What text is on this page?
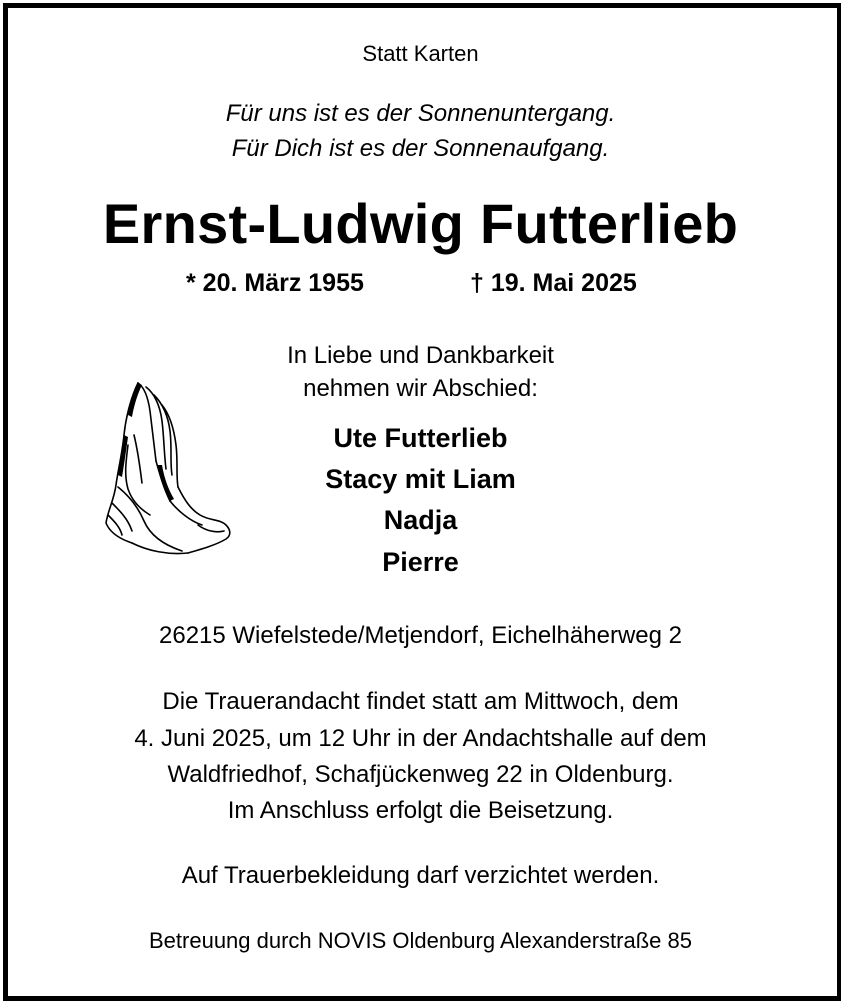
Statt Karten
Für uns ist es der Sonnenuntergang.
Für Dich ist es der Sonnenaufgang.
Ernst-Ludwig Futterlieb
* 20. März 1955	† 19. Mai 2025
In Liebe und Dankbarkeit
nehmen wir Abschied:
Ute Futterlieb
Stacy mit Liam
Nadja
Pierre
26215 Wiefelstede/Metjendorf, Eichelhäherweg 2
Die Trauerandacht findet statt am Mittwoch, dem
4. Juni 2025, um 12 Uhr in der Andachtshalle auf dem
Waldfriedhof, Schafjückenweg 22 in Oldenburg.
Im Anschluss erfolgt die Beisetzung.
Auf Trauerbekleidung darf verzichtet werden.
Betreuung durch NOVIS Oldenburg Alexanderstraße 85
